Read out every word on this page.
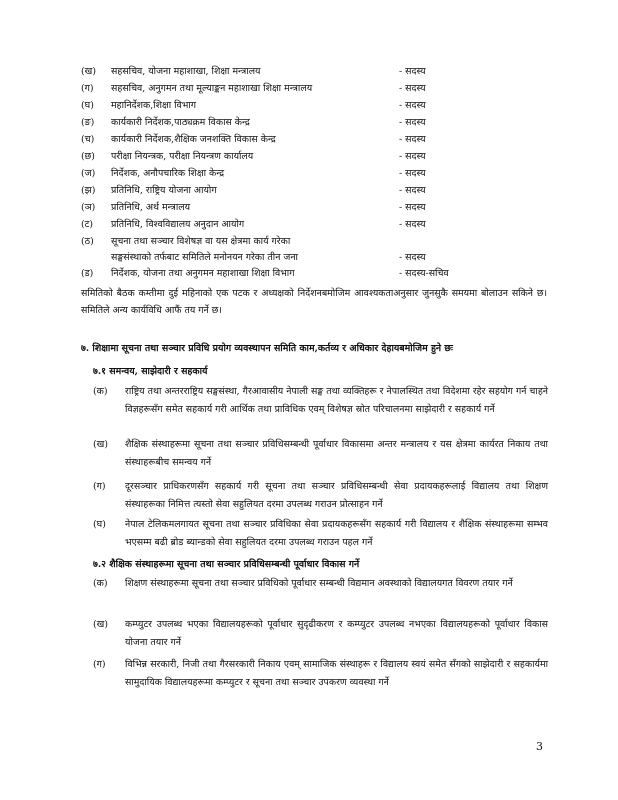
(ख) सहसचिव, योजना महाशाखा, शिक्षा मन्त्रालय	- सदस्य
(ग) सहसचिव, अनुगमन तथा मूल्याङ्कन महाशाखा शिक्षा मन्त्रालय	- सदस्य
(घ) महानिर्देशक,शिक्षा विभाग	- सदस्य
(ङ) कार्यकारी निर्देशक,पाठ्यक्रम विकास केन्द्र	- सदस्य
(च) कार्यकारी निर्देशक,शैक्षिक जनशक्ति विकास केन्द्र	- सदस्य
(छ) परीक्षा नियन्त्रक, परीक्षा नियन्त्रण कार्यालय	- सदस्य
(ज) निर्देशक, अनौपचारिक शिक्षा केन्द्र	- सदस्य
(झ) प्रतिनिधि, राष्ट्रिय योजना आयोग	- सदस्य
(ञ) प्रतिनिधि, अर्थ मन्त्रालय	- सदस्य
(ट) प्रतिनिधि, विश्वविद्यालय अनुदान आयोग	- सदस्य
(ठ) सूचना तथा सञ्चार विशेषज्ञ वा यस क्षेत्रमा कार्य गरेका
सङ्घसंस्थाको तर्फबाट समितिले मनोनयन गरेका तीन जना	- सदस्य
(ड) निर्देशक, योजना तथा अनुगमन महाशाखा शिक्षा विभाग	- सदस्य-सचिव
समितिको बैठक कम्तीमा दुई महिनाको एक पटक र अध्यक्षको निर्देशनबमोजिम आवश्यकताअनुसार जुनसुकै समयमा बोलाउन सकिने छ। समितिले अन्य कार्यविधि आफैं तय गर्ने छ।
७. शिक्षामा सूचना तथा सञ्चार प्रविधि प्रयोग व्यवस्थापन समिति काम,कर्तव्य र अधिकार देहायबमोजिम हुने छः
७.१ समन्वय, साझेदारी र सहकार्य
(क) राष्ट्रिय तथा अन्तरराष्ट्रिय सङ्घसंस्था, गैरआवासीय नेपाली सङ्घ तथा व्यक्तिहरू र नेपालस्थित तथा विदेशमा रहेर सहयोग गर्न चाहने विज्ञहरूसँग समेत सहकार्य गरी आर्थिक तथा प्राविधिक एवम् विशेषज्ञ स्रोत परिचालनमा साझेदारी र सहकार्य गर्ने
(ख) शैक्षिक संस्थाहरूमा सूचना तथा सञ्चार प्रविधिसम्बन्धी पूर्वाधार विकासमा अन्तर मन्त्रालय र यस क्षेत्रमा कार्यरत निकाय तथा संस्थाहरूबीच समन्वय गर्ने
(ग) दूरसञ्चार प्राधिकरणसँग सहकार्य गरी सूचना तथा सञ्चार प्रविधिसम्बन्धी सेवा प्रदायकहरूलाई विद्यालय तथा शिक्षण संस्थाहरूका निमित्त त्यस्तो सेवा सहुलियत दरमा उपलब्ध गराउन प्रोत्साहन गर्ने
(घ) नेपाल टेलिकमलगायत सूचना तथा सञ्चार प्रविधिका सेवा प्रदायकहरूसँग सहकार्य गरी विद्यालय र शैक्षिक संस्थाहरूमा सम्भव भएसम्म बढी ब्रोड ब्यान्डको सेवा सहुलियत दरमा उपलब्ध गराउन पहल गर्ने
७.२ शैक्षिक संस्थाहरूमा सूचना तथा सञ्चार प्रविधिसम्बन्धी पूर्वाधार विकास गर्ने
(क) शिक्षण संस्थाहरूमा सूचना तथा सञ्चार प्रविधिको पूर्वाधार सम्बन्धी विद्यमान अवस्थाको विद्यालयगत विवरण तयार गर्ने
(ख) कम्प्युटर उपलब्ध भएका विद्यालयहरूको पूर्वाधार सुदृढीकरण र कम्प्युटर उपलब्ध नभएका विद्यालयहरूको पूर्वाधार विकास योजना तयार गर्ने
(ग) विभिन्न सरकारी, निजी तथा गैरसरकारी निकाय एवम् सामाजिक संस्थाहरू र विद्यालय स्वयं समेत सँगको साझेदारी र सहकार्यमा सामुदायिक विद्यालयहरूमा कम्प्युटर र सूचना तथा सञ्चार उपकरण व्यवस्था गर्ने
3
